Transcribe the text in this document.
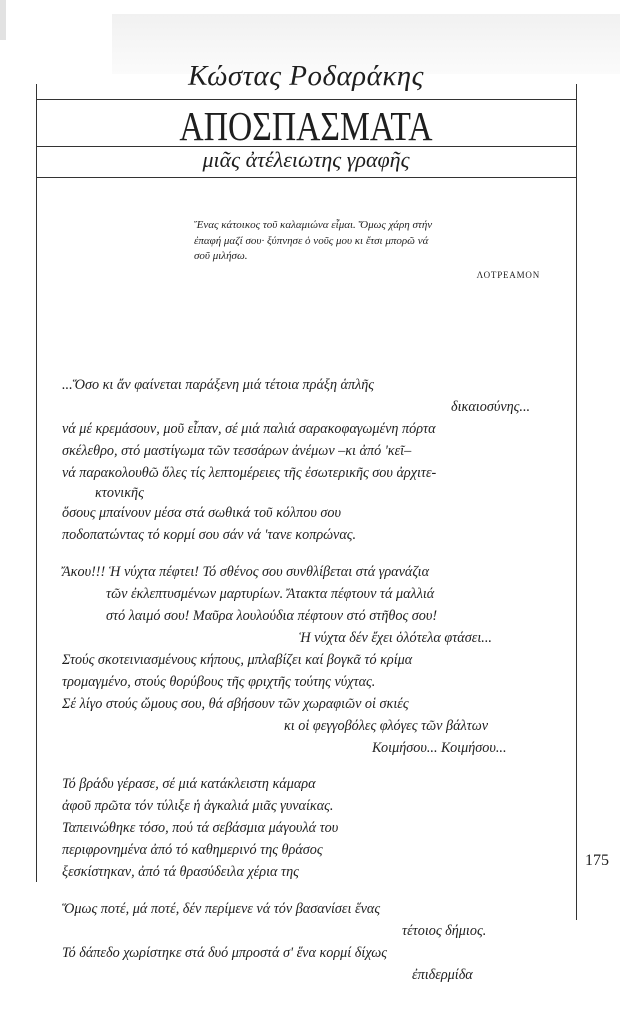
Κώστας Ροδαράκης
ΑΠΟΣΠΑΣΜΑΤΑ
μιᾶς ἀτέλειωτης γραφῆς
Ἕνας κάτοικος τοῦ καλαμιώνα εἶμαι. Ὅμως χάρη στήν
ἐπαφή μαζί σου· ξύπνησε ὁ νοῦς μου κι ἔτσι μπορῶ νά
σοῦ μιλήσω.
ΛΟΤΡΕΑΜΟΝ
...Ὅσο κι ἄν φαίνεται παράξενη μιά τέτοια πράξη ἁπλῆς
δικαιοσύνης...
νά μέ κρεμάσουν, μοῦ εἶπαν, σέ μιά παλιά σαρακοφαγωμένη πόρτα
σκέλεθρο, στό μαστίγωμα τῶν τεσσάρων ἀνέμων –κι ἀπό 'κεῖ–
νά παρακολουθῶ ὅλες τίς λεπτομέρειες τῆς ἐσωτερικῆς σου ἀρχιτε-
κτονικῆς
ὅσους μπαίνουν μέσα στά σωθικά τοῦ κόλπου σου
ποδοπατώντας τό κορμί σου σάν νά 'τανε κοπρώνας.
Ἄκου!!! Ἡ νύχτα πέφτει! Τό σθένος σου συνθλίβεται στά γρανάζια
τῶν ἐκλεπτυσμένων μαρτυρίων. Ἄτακτα πέφτουν τά μαλλιά
στό λαιμό σου! Μαῦρα λουλούδια πέφτουν στό στῆθος σου!
Ἡ νύχτα δέν ἔχει ὁλότελα φτάσει...
Στούς σκοτεινιασμένους κήπους, μπλαβίζει καί βογκᾶ τό κρίμα
τρομαγμένο, στούς θορύβους τῆς φριχτῆς τούτης νύχτας.
Σέ λίγο στούς ὤμους σου, θά σβήσουν τῶν χωραφιῶν οἱ σκιές
κι οἱ φεγγοβόλες φλόγες τῶν βάλτων
Κοιμήσου... Κοιμήσου...
Τό βράδυ γέρασε, σέ μιά κατάκλειστη κάμαρα
ἀφοῦ πρῶτα τόν τύλιξε ἡ ἀγκαλιά μιᾶς γυναίκας.
Ταπεινώθηκε τόσο, πού τά σεβάσμια μάγουλά του
περιφρονημένα ἀπό τό καθημερινό της θράσος
ξεσκίστηκαν, ἀπό τά θρασύδειλα χέρια της
Ὅμως ποτέ, μά ποτέ, δέν περίμενε νά τόν βασανίσει ἕνας
τέτοιος δήμιος.
Τό δάπεδο χωρίστηκε στά δυό μπροστά σ' ἕνα κορμί δίχως
ἐπιδερμίδα
175
